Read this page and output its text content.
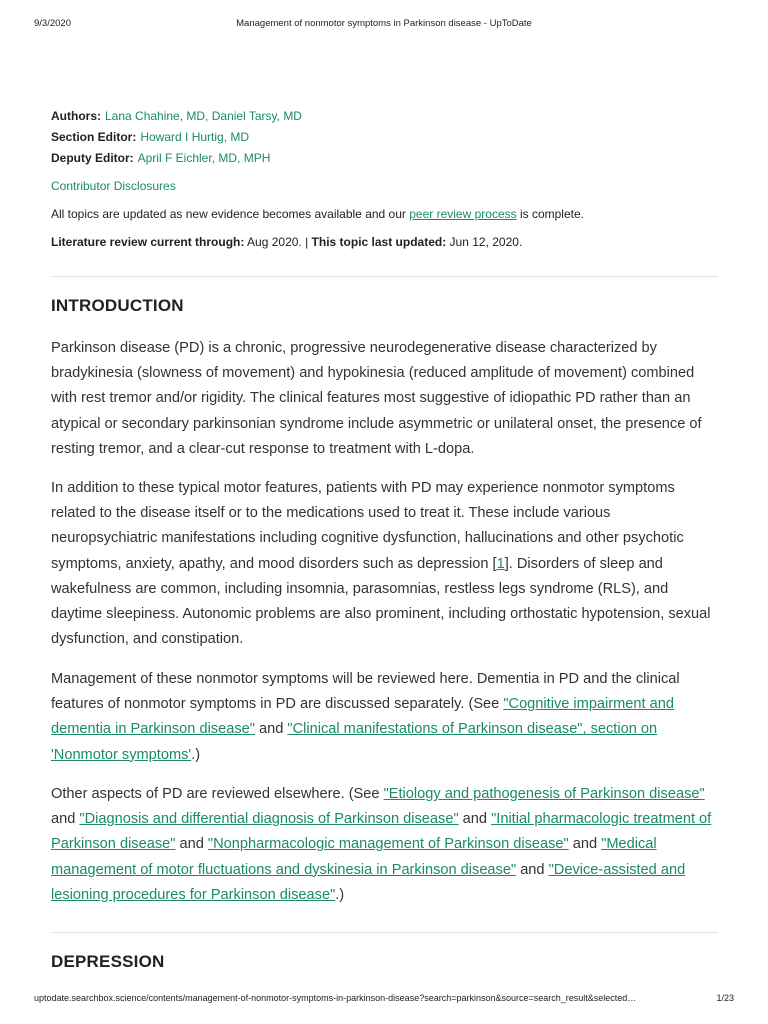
9/3/2020	Management of nonmotor symptoms in Parkinson disease - UpToDate
Authors: Lana Chahine, MD, Daniel Tarsy, MD
Section Editor: Howard I Hurtig, MD
Deputy Editor: April F Eichler, MD, MPH
Contributor Disclosures
All topics are updated as new evidence becomes available and our peer review process is complete.
Literature review current through: Aug 2020. | This topic last updated: Jun 12, 2020.
INTRODUCTION
Parkinson disease (PD) is a chronic, progressive neurodegenerative disease characterized by bradykinesia (slowness of movement) and hypokinesia (reduced amplitude of movement) combined with rest tremor and/or rigidity. The clinical features most suggestive of idiopathic PD rather than an atypical or secondary parkinsonian syndrome include asymmetric or unilateral onset, the presence of resting tremor, and a clear-cut response to treatment with L-dopa.
In addition to these typical motor features, patients with PD may experience nonmotor symptoms related to the disease itself or to the medications used to treat it. These include various neuropsychiatric manifestations including cognitive dysfunction, hallucinations and other psychotic symptoms, anxiety, apathy, and mood disorders such as depression [1]. Disorders of sleep and wakefulness are common, including insomnia, parasomnias, restless legs syndrome (RLS), and daytime sleepiness. Autonomic problems are also prominent, including orthostatic hypotension, sexual dysfunction, and constipation.
Management of these nonmotor symptoms will be reviewed here. Dementia in PD and the clinical features of nonmotor symptoms in PD are discussed separately. (See "Cognitive impairment and dementia in Parkinson disease" and "Clinical manifestations of Parkinson disease", section on 'Nonmotor symptoms'.)
Other aspects of PD are reviewed elsewhere. (See "Etiology and pathogenesis of Parkinson disease" and "Diagnosis and differential diagnosis of Parkinson disease" and "Initial pharmacologic treatment of Parkinson disease" and "Nonpharmacologic management of Parkinson disease" and "Medical management of motor fluctuations and dyskinesia in Parkinson disease" and "Device-assisted and lesioning procedures for Parkinson disease".)
DEPRESSION
uptodate.searchbox.science/contents/management-of-nonmotor-symptoms-in-parkinson-disease?search=parkinson&source=search_result&selected…	1/23
